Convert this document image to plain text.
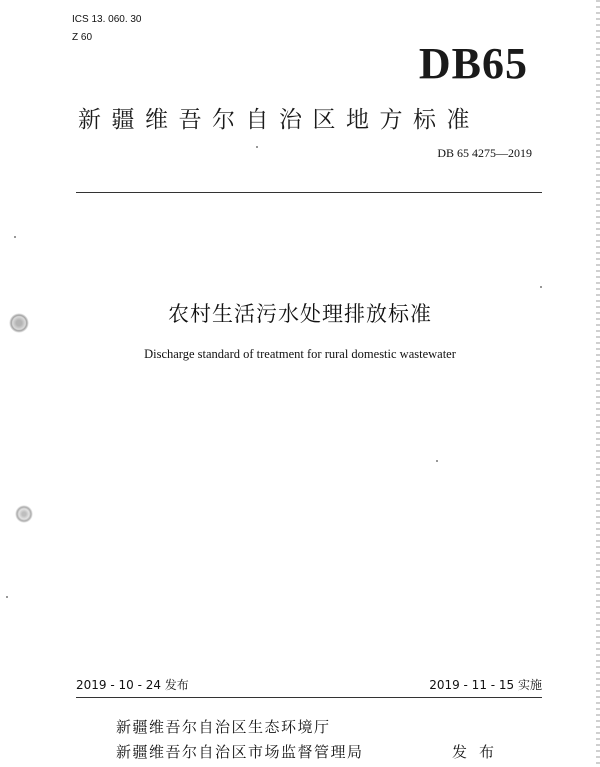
ICS 13. 060. 30
Z 60
DB65
新疆维吾尔自治区地方标准
DB 65 4275—2019
农村生活污水处理排放标准
Discharge standard of treatment for rural domestic wastewater
2019 - 10 - 24 发布	2019 - 11 - 15 实施
新疆维吾尔自治区生态环境厅
新疆维吾尔自治区市场监督管理局	发布
